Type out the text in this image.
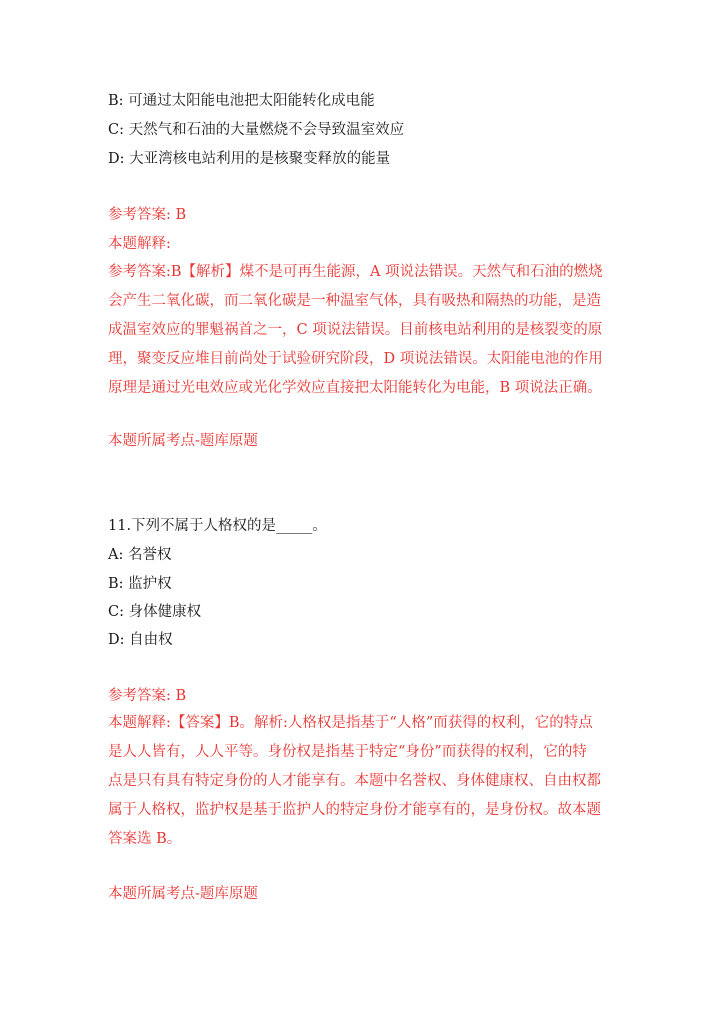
B: 可通过太阳能电池把太阳能转化成电能
C: 天然气和石油的大量燃烧不会导致温室效应
D: 大亚湾核电站利用的是核聚变释放的能量
参考答案: B
本题解释:
参考答案:B【解析】煤不是可再生能源，A 项说法错误。天然气和石油的燃烧
会产生二氧化碳，而二氧化碳是一种温室气体，具有吸热和隔热的功能，是造
成温室效应的罪魁祸首之一，C 项说法错误。目前核电站利用的是核裂变的原
理，聚变反应堆目前尚处于试验研究阶段，D 项说法错误。太阳能电池的作用
原理是通过光电效应或光化学效应直接把太阳能转化为电能，B 项说法正确。
本题所属考点-题库原题
11.下列不属于人格权的是_____。
A: 名誉权
B: 监护权
C: 身体健康权
D: 自由权
参考答案: B
本题解释:【答案】B。解析:人格权是指基于“人格”而获得的权利，它的特点
是人人皆有，人人平等。身份权是指基于特定“身份”而获得的权利，它的特
点是只有具有特定身份的人才能享有。本题中名誉权、身体健康权、自由权都
属于人格权，监护权是基于监护人的特定身份才能享有的，是身份权。故本题
答案选 B。
本题所属考点-题库原题
